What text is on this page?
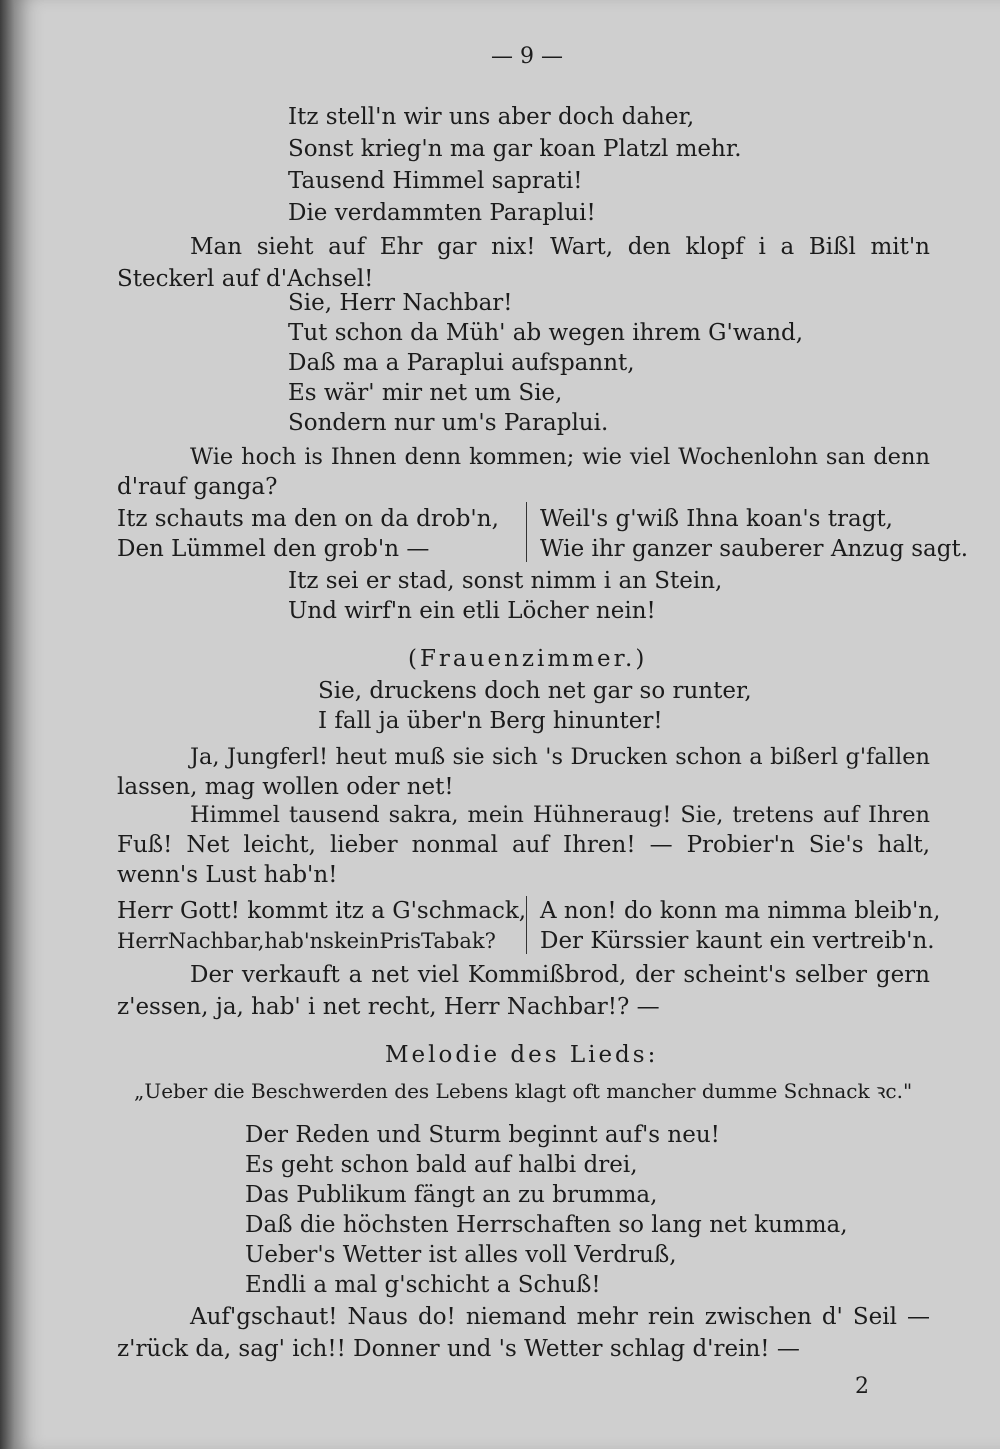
— 9 —
Itz stell'n wir uns aber doch daher,
Sonst krieg'n ma gar koan Platzl mehr.
Tausend Himmel saprati!
Die verdammten Paraplui!
Man sieht auf Ehr gar nix! Wart, den klopf i a Bißl mit'n
Steckerl auf d'Achsel!
Sie, Herr Nachbar!
Tut schon da Müh' ab wegen ihrem G'wand,
Daß ma a Paraplui aufspannt,
Es wär' mir net um Sie,
Sondern nur um's Paraplui.
Wie hoch is Ihnen denn kommen; wie viel Wochenlohn san denn
d'rauf ganga?
Itz schauts ma den on da drob'n,
Den Lümmel den grob'n —
Weil's g'wiß Ihna koan's tragt,
Wie ihr ganzer sauberer Anzug sagt.
Itz sei er stad, sonst nimm i an Stein,
Und wirf'n ein etli Löcher nein!
(Frauenzimmer.)
Sie, druckens doch net gar so runter,
I fall ja über'n Berg hinunter!
Ja, Jungferl! heut muß sie sich 's Drucken schon a bißerl g'fallen
lassen, mag wollen oder net!
Himmel tausend sakra, mein Hühneraug! Sie, tretens auf Ihren
Fuß! Net leicht, lieber nonmal auf Ihren! — Probier'n Sie's halt,
wenn's Lust hab'n!
Herr Gott! kommt itz a G'schmack,
HerrNachbar,hab'nskeinPrisTabak?
A non! do konn ma nimma bleib'n,
Der Kürssier kaunt ein vertreib'n.
Der verkauft a net viel Kommißbrod, der scheint's selber gern
z'essen, ja, hab' i net recht, Herr Nachbar!? —
Melodie des Lieds:
„Ueber die Beschwerden des Lebens klagt oft mancher dumme Schnack ꝛc."
Der Reden und Sturm beginnt auf's neu!
Es geht schon bald auf halbi drei,
Das Publikum fängt an zu brumma,
Daß die höchsten Herrschaften so lang net kumma,
Ueber's Wetter ist alles voll Verdruß,
Endli a mal g'schicht a Schuß!
Auf'gschaut! Naus do! niemand mehr rein zwischen d' Seil —
z'rück da, sag' ich!! Donner und 's Wetter schlag d'rein! —
2
